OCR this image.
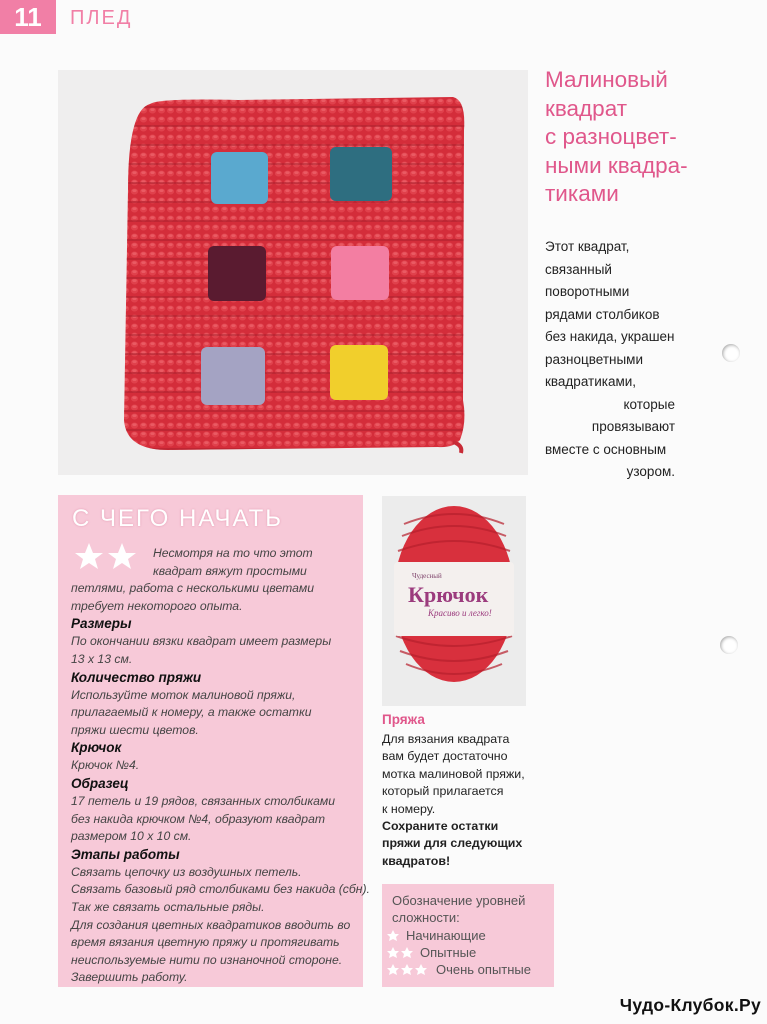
11	ПЛЕД
Малиновый
квадрат
с разноцвет-
ными квадра-
тиками
Этот квадрат,
связанный
поворотными
рядами столбиков
без накида, украшен
разноцветными
квадратиками,
которые
провязывают
вместе с основным
узором.
С ЧЕГО НАЧАТЬ
Несмотря на то что этот
квадрат вяжут простыми
петлями, работа с несколькими цветами
требует некоторого опыта.
Размеры
По окончании вязки квадрат имеет размеры
13 х 13 см.
Количество пряжи
Используйте моток малиновой пряжи,
прилагаемый к номеру, а также остатки
пряжи шести цветов.
Крючок
Крючок №4.
Образец
17 петель и 19 рядов, связанных столбиками
без накида крючком №4, образуют квадрат
размером 10 х 10 см.
Этапы работы
Связать цепочку из воздушных петель.
Связать базовый ряд столбиками без накида (сбн).
Так же связать остальные ряды.
Для создания цветных квадратиков вводить во
время вязания цветную пряжу и протягивать
неиспользуемые нити по изнаночной стороне.
Завершить работу.
Чудесный
Крючок
Красиво и легко!
Пряжа
Для вязания квадрата
вам будет достаточно
мотка малиновой пряжи,
который прилагается
к номеру.
Сохраните остатки
пряжи для следующих
квадратов!
Обозначение уровней
сложности:
Начинающие
Опытные
Очень опытные
Чудо-Клубок.Ру
